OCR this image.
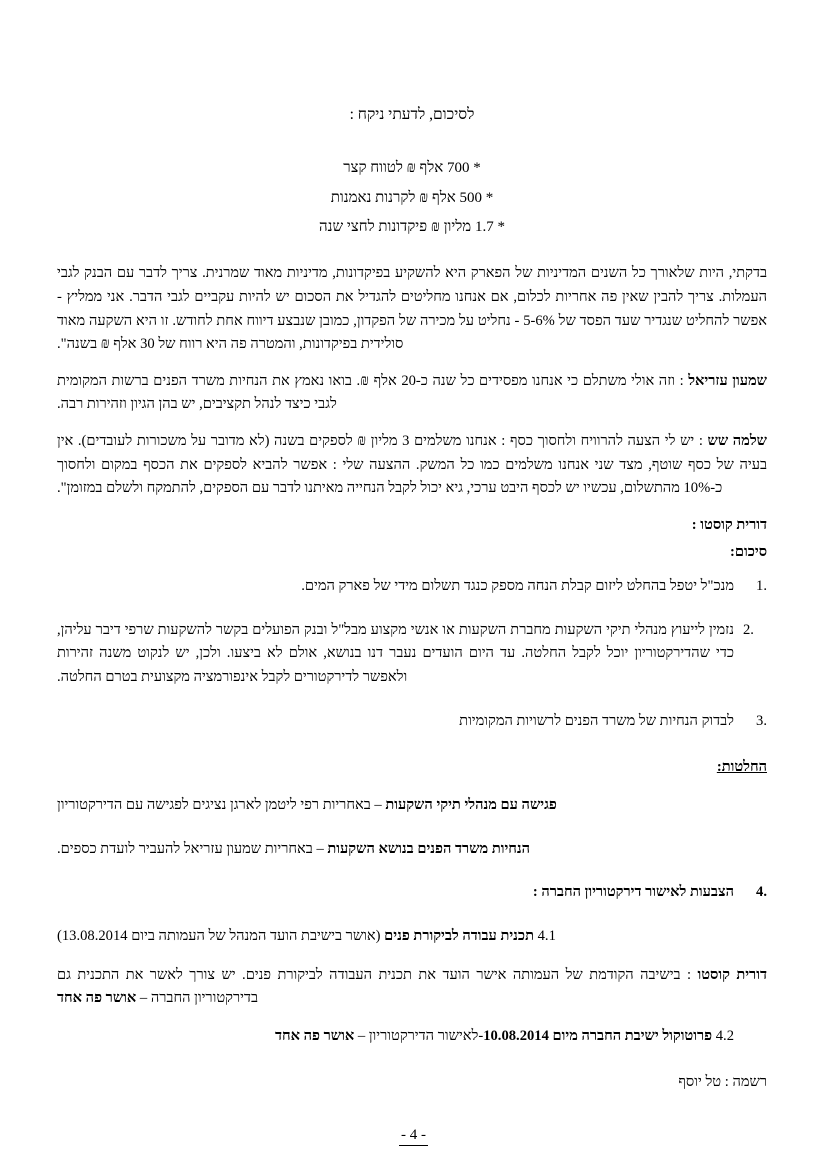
לסיכום, לדעתי ניקח :

* 700 אלף ₪ לטווח קצר
* 500 אלף ₪ לקרנות נאמנות
* 1.7 מליון ₪ פיקדונות לחצי שנה

בדקתי, היות שלאורך כל השנים המדיניות של הפארק היא להשקיע בפיקדונות, מדיניות מאוד שמרנית. צריך לדבר עם הבנק לגבי העמלות. צריך להבין שאין פה אחריות לכלום, אם אנחנו מחליטים להגדיל את הסכום יש להיות עקביים לגבי הדבר. אני ממליץ - אפשר להחליט שנגדיר שעד הפסד של 5-6% - נחליט על מכירה של הפקדון, כמובן שנבצע דיווח אחת לחודש. זו היא השקעה מאוד סולידית בפיקדונות, והמטרה פה היא רווח של 30 אלף ₪ בשנה".

שמעון עזריאל : וזה אולי משתלם כי אנחנו מפסידים כל שנה כ-20 אלף ₪. בואו נאמץ את הנחיות משרד הפנים ברשות המקומית לגבי כיצד לנהל תקציבים, יש בהן הגיון וזהירות רבה.

שלמה שש : יש לי הצעה להרוויח ולחסוך כסף : אנחנו משלמים 3 מליון ₪ לספקים בשנה (לא מדובר על משכורות לעובדים). אין בעיה של כסף שוטף, מצד שני אנחנו משלמים כמו כל המשק. ההצעה שלי : אפשר להביא לספקים את הכסף במקום ולחסוך כ-10% מהתשלום, עכשיו יש לכסף היבט ערכי, גיא יכול לקבל הנחייה מאיתנו לדבר עם הספקים, להתמקח ולשלם במזומן".

דורית קוסטו :

סיכום:

מנכ"ל יטפל בהחלט ליזום קבלת הנחה מספק כנגד תשלום מידי של פארק המים.
נזמין לייעוץ מנהלי תיקי השקעות מחברת השקעות או אנשי מקצוע מבל"ל ובנק הפועלים בקשר להשקעות שרפי דיבר עליהן, כדי שהדירקטוריון יוכל לקבל החלטה. עד היום הועדים נעבר דנו בנושא, אולם לא ביצעו. ולכן, יש לנקוט משנה זהירות ולאפשר לדירקטורים לקבל אינפורמציה מקצועית בטרם החלטה.
לבדוק הנחיות של משרד הפנים לרשויות המקומיות

החלטות:

פגישה עם מנהלי תיקי השקעות – באחריות רפי ליטמן לארגן נציגים לפגישה עם הדירקטוריון

הנחיות משרד הפנים בנושא השקעות – באחריות שמעון עזריאל להעביר לועדת כספים.

הצבעות לאישור דירקטוריון החברה :

4.1 תכנית עבודה לביקורת פנים (אושר בישיבת הועד המנהל של העמותה ביום 13.08.2014)

דורית קוסטו : בישיבה הקודמת של העמותה אישר הועד את תכנית העבודה לביקורת פנים. יש צורך לאשר את התכנית גם בדירקטוריון החברה – אושר פה אחד

4.2 פרוטוקול ישיבת החברה מיום 10.08.2014-לאישור הדירקטוריון – אושר פה אחד

רשמה : טל יוסף

- 4 -
